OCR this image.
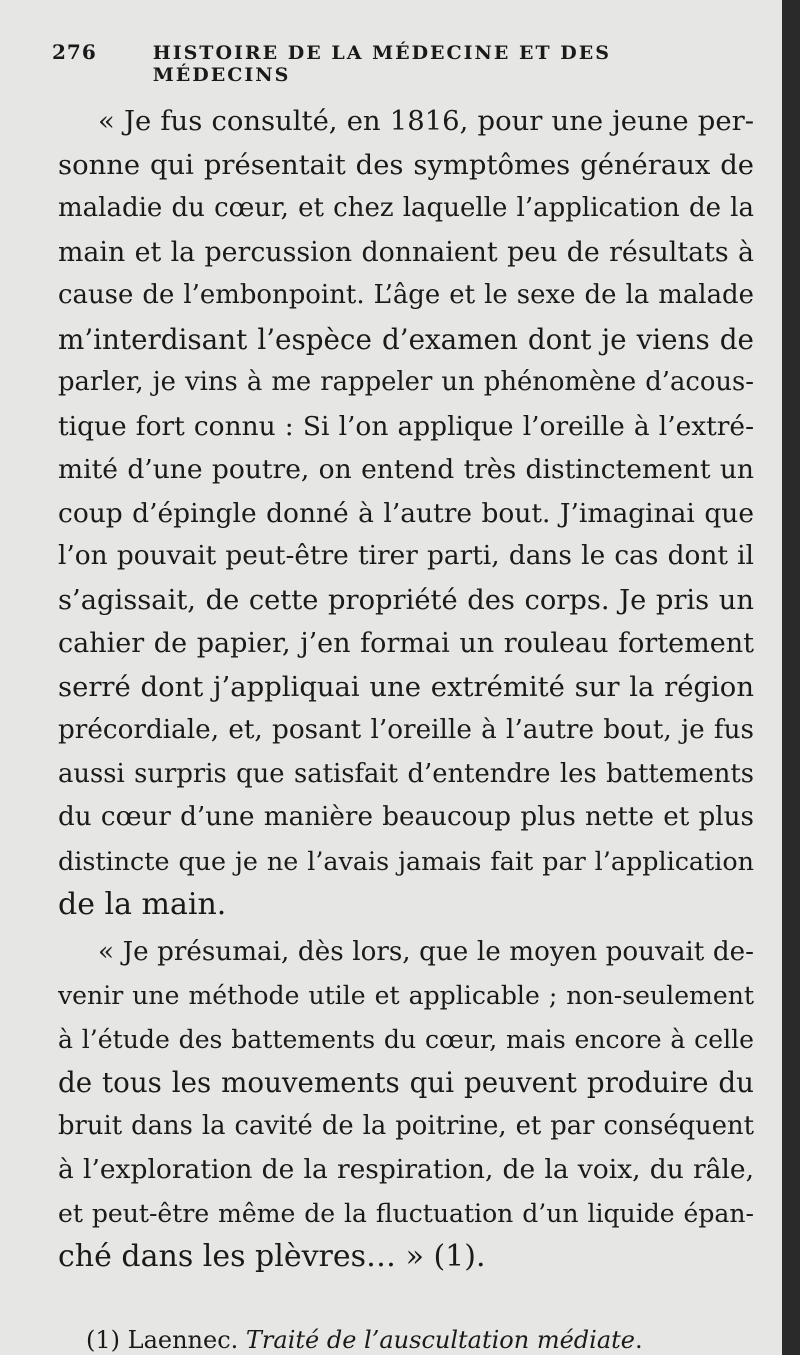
276	HISTOIRE DE LA MÉDECINE ET DES MÉDECINS
« Je fus consulté, en 1816, pour une jeune per-
sonne qui présentait des symptômes généraux de
maladie du cœur, et chez laquelle l’application de la
main et la percussion donnaient peu de résultats à
cause de l’embonpoint. L’âge et le sexe de la malade
m’interdisant l’espèce d’examen dont je viens de
parler, je vins à me rappeler un phénomène d’acous-
tique fort connu : Si l’on applique l’oreille à l’extré-
mité d’une poutre, on entend très distinctement un
coup d’épingle donné à l’autre bout. J’imaginai que
l’on pouvait peut-être tirer parti, dans le cas dont il
s’agissait, de cette propriété des corps. Je pris un
cahier de papier, j’en formai un rouleau fortement
serré dont j’appliquai une extrémité sur la région
précordiale, et, posant l’oreille à l’autre bout, je fus
aussi surpris que satisfait d’entendre les battements
du cœur d’une manière beaucoup plus nette et plus
distincte que je ne l’avais jamais fait par l’application
de la main.
« Je présumai, dès lors, que le moyen pouvait de-
venir une méthode utile et applicable ; non-seulement
à l’étude des battements du cœur, mais encore à celle
de tous les mouvements qui peuvent produire du
bruit dans la cavité de la poitrine, et par conséquent
à l’exploration de la respiration, de la voix, du râle,
et peut-être même de la fluctuation d’un liquide épan-
ché dans les plèvres… » (1).
(1) Laennec. Traité de l’auscultation médiate.
